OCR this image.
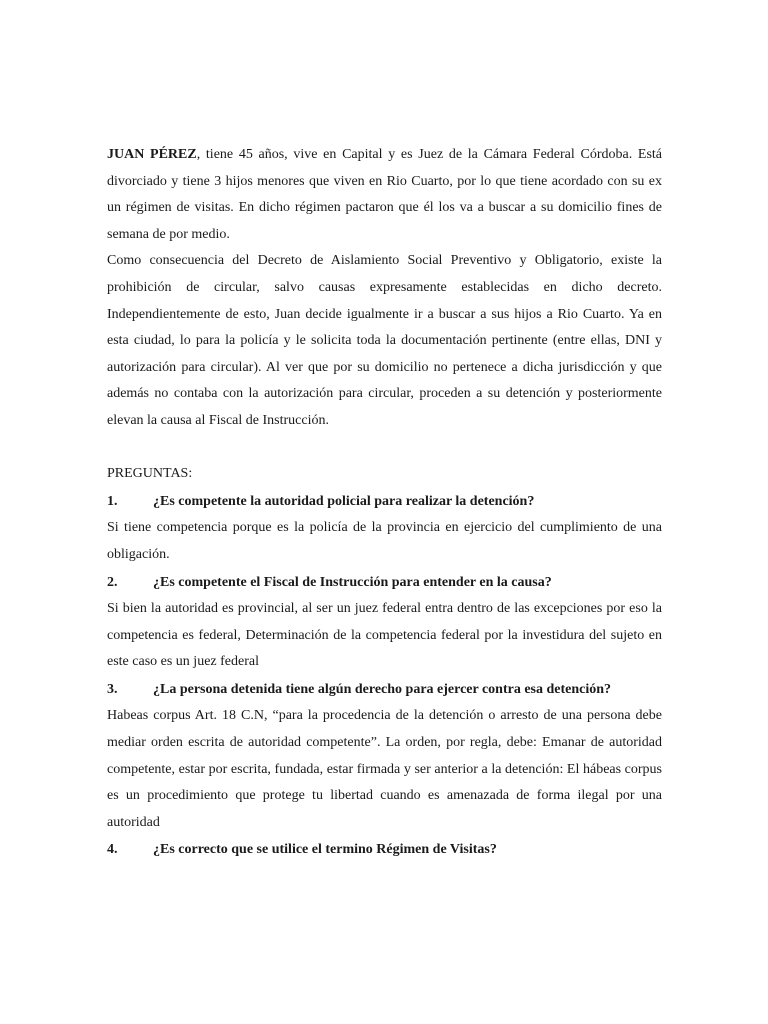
JUAN PÉREZ, tiene 45 años, vive en Capital y es Juez de la Cámara Federal Córdoba. Está divorciado y tiene 3 hijos menores que viven en Rio Cuarto, por lo que tiene acordado con su ex un régimen de visitas. En dicho régimen pactaron que él los va a buscar a su domicilio fines de semana de por medio.

Como consecuencia del Decreto de Aislamiento Social Preventivo y Obligatorio, existe la prohibición de circular, salvo causas expresamente establecidas en dicho decreto. Independientemente de esto, Juan decide igualmente ir a buscar a sus hijos a Rio Cuarto. Ya en esta ciudad, lo para la policía y le solicita toda la documentación pertinente (entre ellas, DNI y autorización para circular). Al ver que por su domicilio no pertenece a dicha jurisdicción y que además no contaba con la autorización para circular, proceden a su detención y posteriormente elevan la causa al Fiscal de Instrucción.

PREGUNTAS:

1.	¿Es competente la autoridad policial para realizar la detención?

Si tiene competencia porque es la policía de la provincia en ejercicio del cumplimiento de una obligación.

2.	¿Es competente el Fiscal de Instrucción para entender en la causa?

Si bien la autoridad es provincial, al ser un juez federal entra dentro de las excepciones por eso la competencia es federal, Determinación de la competencia federal por la investidura del sujeto en este caso es un juez federal

3.	¿La persona detenida tiene algún derecho para ejercer contra esa detención?

Habeas corpus Art. 18 C.N, “para la procedencia de la detención o arresto de una persona debe mediar orden escrita de autoridad competente”. La orden, por regla, debe: Emanar de autoridad competente, estar por escrita, fundada, estar firmada y ser anterior a la detención: El hábeas corpus es un procedimiento que protege tu libertad cuando es amenazada de forma ilegal por una autoridad

4.	¿Es correcto que se utilice el termino Régimen de Visitas?
